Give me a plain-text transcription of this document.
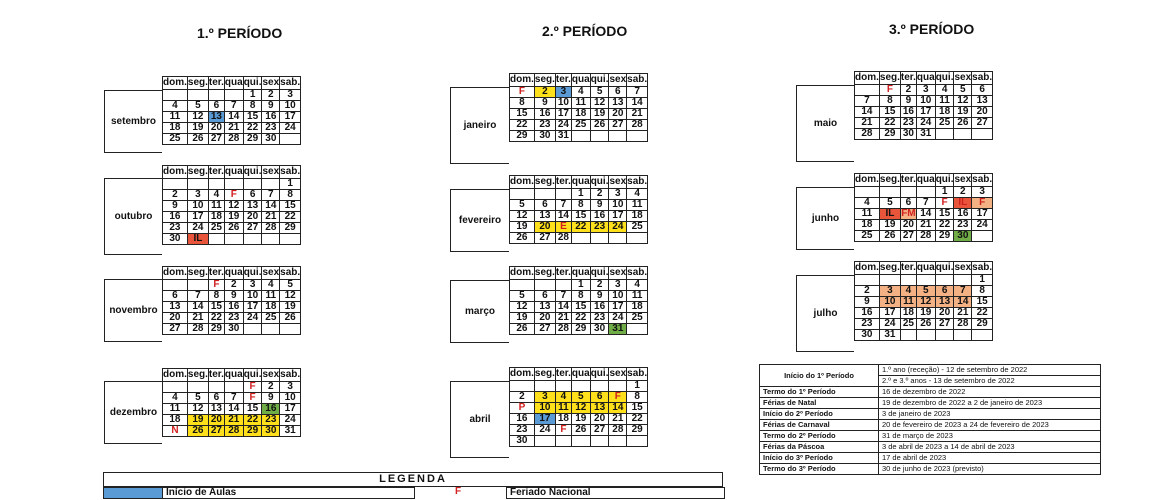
1.º PERÍODO	2.º PERÍODO	3.º PERÍODO
setembro
dom.	seg.	ter.	qua	qui.	sex	sab.
				1	2	3
4	5	6	7	8	9	10
11	12	13	14	15	16	17
18	19	20	21	22	23	24
25	26	27	28	29	30	
outubro
dom.	seg.	ter.	qua	qui.	sex	sab.
						1
2	3	4	F	6	7	8
9	10	11	12	13	14	15
16	17	18	19	20	21	22
23	24	25	26	27	28	29
30	IL					
novembro
dom.	seg.	ter.	qua	qui.	sex	sab.
		F	2	3	4	5
6	7	8	9	10	11	12
13	14	15	16	17	18	19
20	21	22	23	24	25	26
27	28	29	30			
dezembro
dom.	seg.	ter.	qua	qui.	sex	sab.
				F	2	3
4	5	6	7	F	9	10
11	12	13	14	15	16	17
18	19	20	21	22	23	24
N	26	27	28	29	30	31
janeiro
dom.	seg.	ter.	qua	qui.	sex	sab.
F	2	3	4	5	6	7
8	9	10	11	12	13	14
15	16	17	18	19	20	21
22	23	24	25	26	27	28
29	30	31				
fevereiro
dom.	seg.	ter.	qua	qui.	sex	sab.
			1	2	3	4
5	6	7	8	9	10	11
12	13	14	15	16	17	18
19	20	E	22	23	24	25
26	27	28				
março
dom.	seg.	ter.	qua	qui.	sex	sab.
			1	2	3	4
5	6	7	8	9	10	11
12	13	14	15	16	17	18
19	20	21	22	23	24	25
26	27	28	29	30	31	
abril
dom.	seg.	ter.	qua	qui.	sex	sab.
						1
2	3	4	5	6	F	8
P	10	11	12	13	14	15
16	17	18	19	20	21	22
23	24	F	26	27	28	29
30						
maio
dom.	seg.	ter.	qua	qui.	sex	sab.
	F	2	3	4	5	6
7	8	9	10	11	12	13
14	15	16	17	18	19	20
21	22	23	24	25	26	27
28	29	30	31			
junho
dom.	seg.	ter.	qua	qui.	sex	sab.
				1	2	3
4	5	6	7	F	IL	F
11	IL	FM	14	15	16	17
18	19	20	21	22	23	24
25	26	27	28	29	30	
julho
dom.	seg.	ter.	qua	qui.	sex	sab.
						1
2	3	4	5	6	7	8
9	10	11	12	13	14	15
16	17	18	19	20	21	22
23	24	25	26	27	28	29
30	31					
Início do 1º Período	1.º ano (receção) - 12 de setembro de 2022
	2.º e 3.º anos - 13 de setembro de 2022
Termo do 1º Período	16 de dezembro de 2022
Férias de Natal	19 de dezembro de 2022 a 2 de janeiro de 2023
Início do 2º Período	3 de janeiro de 2023
Férias de Carnaval	20 de fevereiro de 2023 a 24 de fevereiro de 2023
Termo do 2º Período	31 de março de 2023
Férias da Páscoa	3 de abril de 2023 a 14 de abril de 2023
Início do 3º Período	17 de abril de 2023
Termo do 3º Período	30 de junho de 2023 (previsto)
LEGENDA
Início de Aulas	F	Feriado Nacional
